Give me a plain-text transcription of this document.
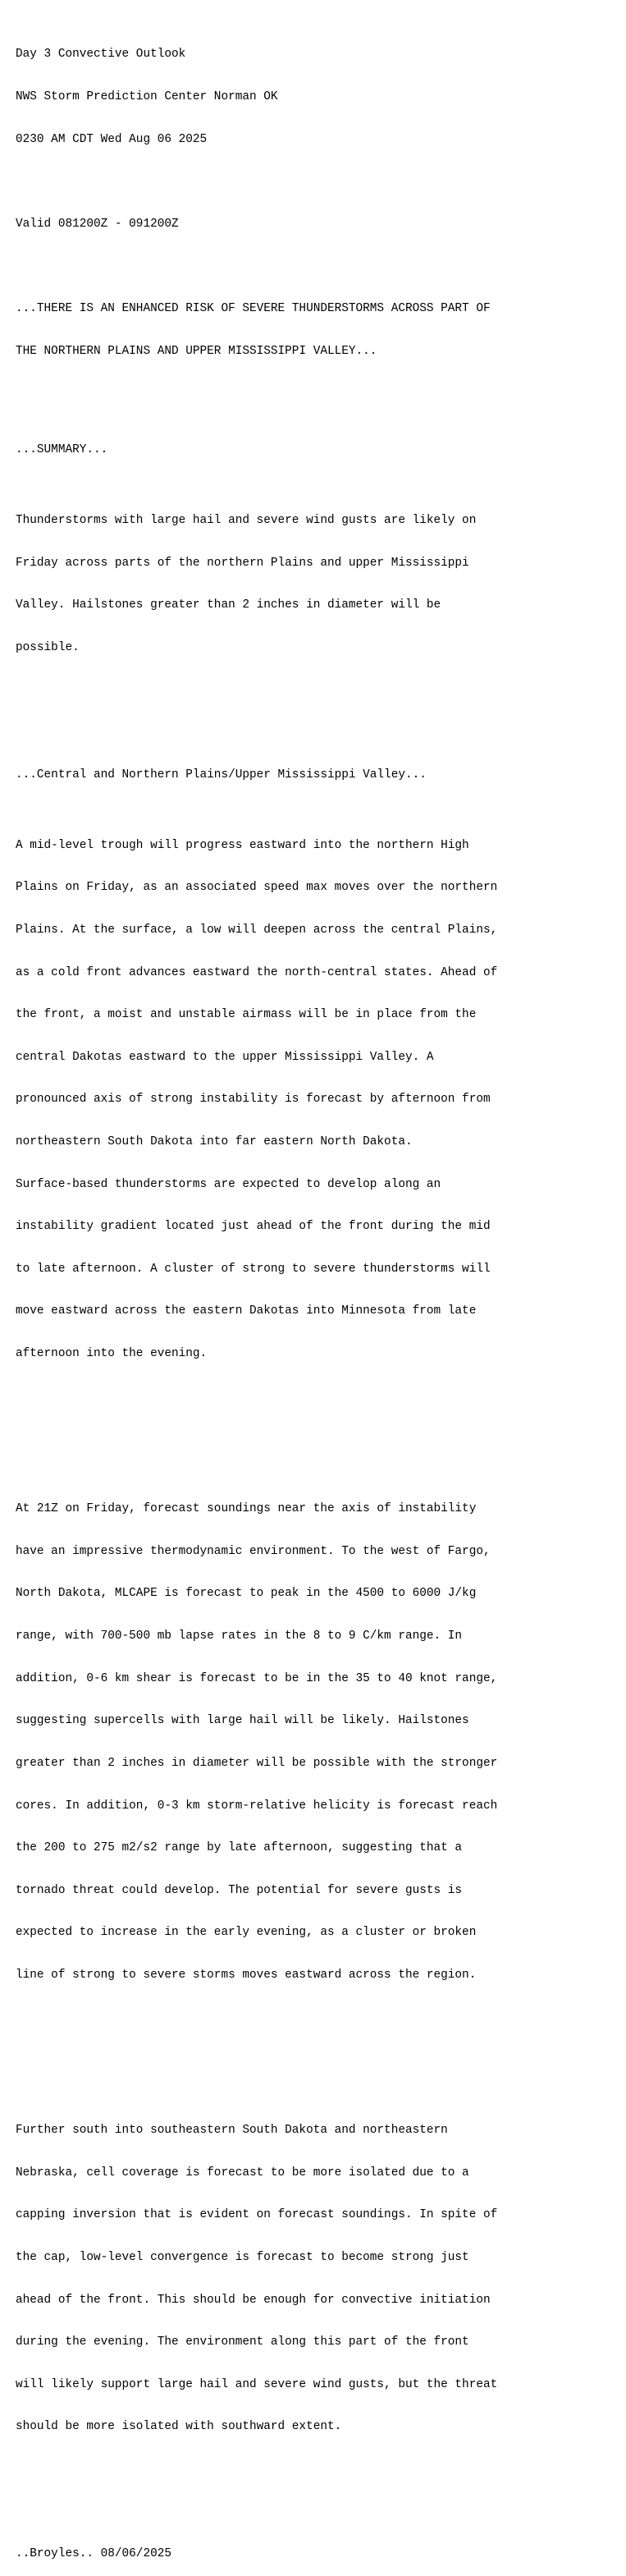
Day 3 Convective Outlook

NWS Storm Prediction Center Norman OK

0230 AM CDT Wed Aug 06 2025

Valid 081200Z - 091200Z

...THERE IS AN ENHANCED RISK OF SEVERE THUNDERSTORMS ACROSS PART OF

THE NORTHERN PLAINS AND UPPER MISSISSIPPI VALLEY...

...SUMMARY...

Thunderstorms with large hail and severe wind gusts are likely on

Friday across parts of the northern Plains and upper Mississippi

Valley. Hailstones greater than 2 inches in diameter will be

possible.

...Central and Northern Plains/Upper Mississippi Valley...

A mid-level trough will progress eastward into the northern High

Plains on Friday, as an associated speed max moves over the northern

Plains. At the surface, a low will deepen across the central Plains,

as a cold front advances eastward the north-central states. Ahead of

the front, a moist and unstable airmass will be in place from the

central Dakotas eastward to the upper Mississippi Valley. A

pronounced axis of strong instability is forecast by afternoon from

northeastern South Dakota into far eastern North Dakota.

Surface-based thunderstorms are expected to develop along an

instability gradient located just ahead of the front during the mid

to late afternoon. A cluster of strong to severe thunderstorms will

move eastward across the eastern Dakotas into Minnesota from late

afternoon into the evening.

At 21Z on Friday, forecast soundings near the axis of instability

have an impressive thermodynamic environment. To the west of Fargo,

North Dakota, MLCAPE is forecast to peak in the 4500 to 6000 J/kg

range, with 700-500 mb lapse rates in the 8 to 9 C/km range. In

addition, 0-6 km shear is forecast to be in the 35 to 40 knot range,

suggesting supercells with large hail will be likely. Hailstones

greater than 2 inches in diameter will be possible with the stronger

cores. In addition, 0-3 km storm-relative helicity is forecast reach

the 200 to 275 m2/s2 range by late afternoon, suggesting that a

tornado threat could develop. The potential for severe gusts is

expected to increase in the early evening, as a cluster or broken

line of strong to severe storms moves eastward across the region.

Further south into southeastern South Dakota and northeastern

Nebraska, cell coverage is forecast to be more isolated due to a

capping inversion that is evident on forecast soundings. In spite of

the cap, low-level convergence is forecast to become strong just

ahead of the front. This should be enough for convective initiation

during the evening. The environment along this part of the front

will likely support large hail and severe wind gusts, but the threat

should be more isolated with southward extent.

..Broyles.. 08/06/2025
